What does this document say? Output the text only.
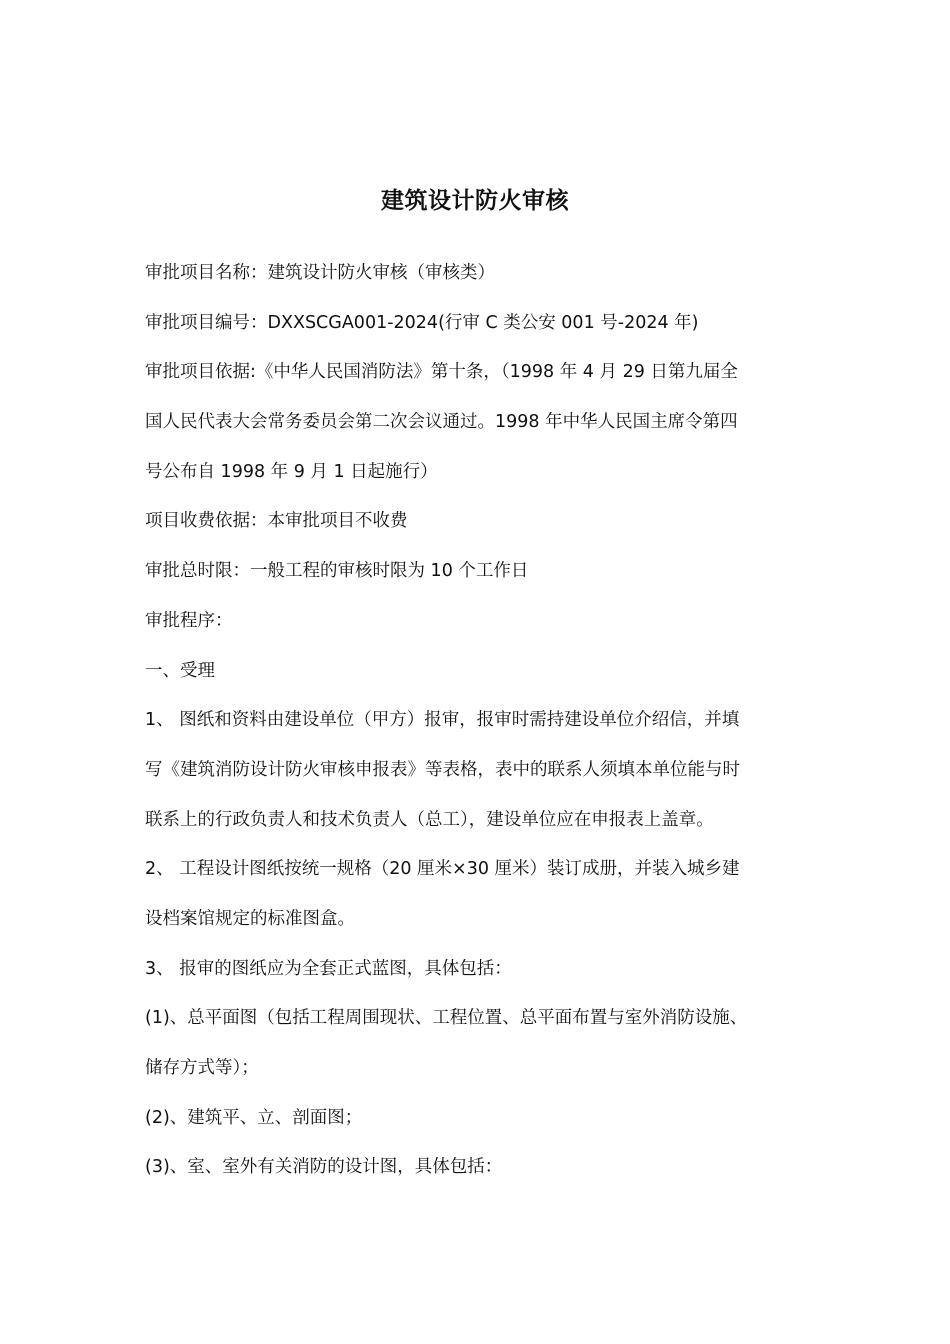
建筑设计防火审核
审批项目名称：建筑设计防火审核（审核类）
审批项目编号：DXXSCGA001-2024(行审 C 类公安 001 号-2024 年)
审批项目依据:《中华人民国消防法》第十条，（1998 年 4 月 29 日第九届全
国人民代表大会常务委员会第二次会议通过。1998 年中华人民国主席令第四
号公布自 1998 年 9 月 1 日起施行）
项目收费依据：本审批项目不收费
审批总时限：一般工程的审核时限为 10 个工作日
审批程序：
一、受理
1、 图纸和资料由建设单位（甲方）报审，报审时需持建设单位介绍信，并填
写《建筑消防设计防火审核申报表》等表格，表中的联系人须填本单位能与时
联系上的行政负责人和技术负责人（总工），建设单位应在申报表上盖章。
2、 工程设计图纸按统一规格（20 厘米×30 厘米）装订成册，并装入城乡建
设档案馆规定的标准图盒。
3、 报审的图纸应为全套正式蓝图，具体包括：
(1)、总平面图（包括工程周围现状、工程位置、总平面布置与室外消防设施、
储存方式等）；
(2)、建筑平、立、剖面图；
(3)、室、室外有关消防的设计图，具体包括：
